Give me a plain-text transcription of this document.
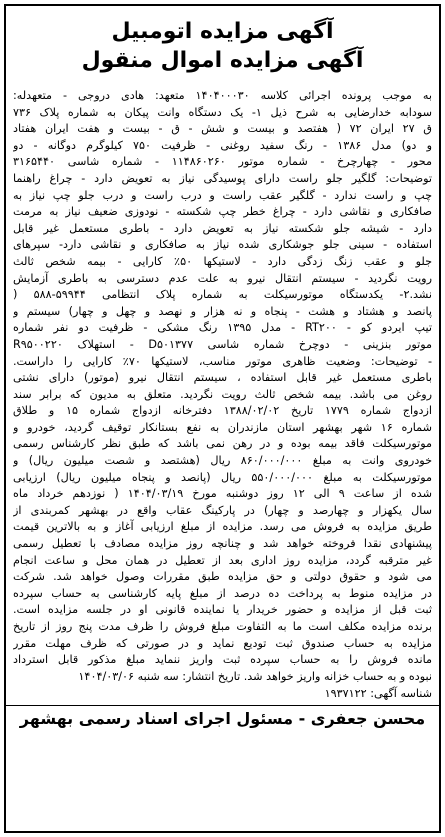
آگهی مزایده اتومبیل
آگهی مزایده اموال منقول
به موجب پرونده اجرائی کلاسه ۱۴۰۴۰۰۰۳۰ متعهد: هادی دروجی - متعهدله:
سودابه خدارضایی به شرح ذیل ۱- یک دستگاه وانت پیکان به شماره پلاک ۷۳۶
ق ۲۷ ایران ۷۲ ( هفتصد و بیست و شش - ق - بیست و هفت ایران هفتاد
و دو) مدل ۱۳۸۶ - رنگ سفید روغنی - ظرفیت ۷۵۰ کیلوگرم دوگانه - دو
محور - چهارچرخ - شماره موتور ۱۱۴۸۶۰۲۶۰ - شماره شاسی ۳۱۶۵۴۴۰
توضیحات: گلگیر جلو راست دارای پوسیدگی نیاز به تعویض دارد - چراغ راهنما
چپ و راست ندارد - گلگیر عقب راست و درب راست و درب جلو چپ نیاز به
صافکاری و نقاشی دارد - چراغ خطر چپ شکسته - نودوزی ضعیف نیاز به مرمت
دارد - شیشه جلو شکسته نیاز به تعویض دارد - باطری مستعمل غیر قابل
استفاده - سینی جلو جوشکاری شده نیاز به صافکاری و نقاشی دارد- سپرهای
جلو و عقب زنگ زدگی دارد - لاستیکها ۵۰٪ کارایی - بیمه شخص ثالث
رویت نگردید - سیستم انتقال نیرو به علت عدم دسترسی به باطری آزمایش
نشد.۲- یکدستگاه موتورسیکلت به شماره پلاک انتظامی ۵۹۹۴۴-۵۸۸ (
پانصد و هشتاد و هشت - پنجاه و نه هزار و نهصد و چهل و چهار) سیستم و
تیپ ایردو کو - RT۲۰۰ - مدل ۱۳۹۵ رنگ مشکی - ظرفیت دو نفر شماره
موتور بنزینی - دوچرخ شماره شاسی D۵۰۱۳۷۷ - استهلاک R۹۵۰۰۲۲۰
- توضیحات: وضعیت ظاهری موتور مناسب، لاستیکها ۷۰٪ کارایی را داراست.
باطری مستعمل غیر قابل استفاده ، سیستم انتقال نیرو (موتور) دارای نشتی
روغن می باشد. بیمه شخص ثالث رویت نگردید. متعلق به مدیون که برابر سند
ازدواج شماره ۱۷۷۹ تاریخ ۱۳۸۸/۰۲/۰۲ دفترخانه ازدواج شماره ۱۵ و طلاق
شماره ۱۶ شهر بهشهر استان مازندران به نفع بستانکار توقیف گردید، خودرو و
موتورسیکلت فاقد بیمه بوده و در رهن نمی باشد که طبق نظر کارشناس رسمی
خودروی وانت به مبلغ ۸۶۰/۰۰۰/۰۰۰ ریال (هشتصد و شصت میلیون ریال) و
موتورسیکلت به مبلغ ۵۵۰/۰۰۰/۰۰۰ ریال (پانصد و پنجاه میلیون ریال) ارزیابی
شده از ساعت ۹ الی ۱۲ روز دوشنبه مورخ ۱۴۰۴/۰۳/۱۹ ( نوزدهم خرداد ماه
سال یکهزار و چهارصد و چهار) در پارکینگ عقاب واقع در بهشهر کمربندی از
طریق مزایده به فروش می رسد. مزایده از مبلغ ارزیابی آغاز و به بالاترین قیمت
پیشنهادی نقدا فروخته خواهد شد و چنانچه روز مزایده مصادف با تعطیل رسمی
غیر مترقبه گردد، مزایده روز اداری بعد از تعطیل در همان محل و ساعت انجام
می شود و حقوق دولتی و حق مزایده طبق مقررات وصول خواهد شد. شرکت
در مزایده منوط به پرداخت ده درصد از مبلغ پایه کارشناسی به حساب سپرده
ثبت قبل از مزایده و حضور خریدار یا نماینده قانونی او در جلسه مزایده است.
برنده مزایده مکلف است ما به التفاوت مبلغ فروش را ظرف مدت پنج روز از تاریخ
مزایده به حساب صندوق ثبت تودیع نماید و در صورتی که ظرف مهلت مقرر
مانده فروش را به حساب سپرده ثبت واریز ننماید مبلغ مذکور قابل استرداد
نبوده و به حساب خزانه واریز خواهد شد. تاریخ انتشار: سه شنبه ۱۴۰۴/۰۳/۰۶
شناسه آگهی: ۱۹۳۷۱۲۲
محسن جعفری - مسئول اجرای اسناد رسمی بهشهر
